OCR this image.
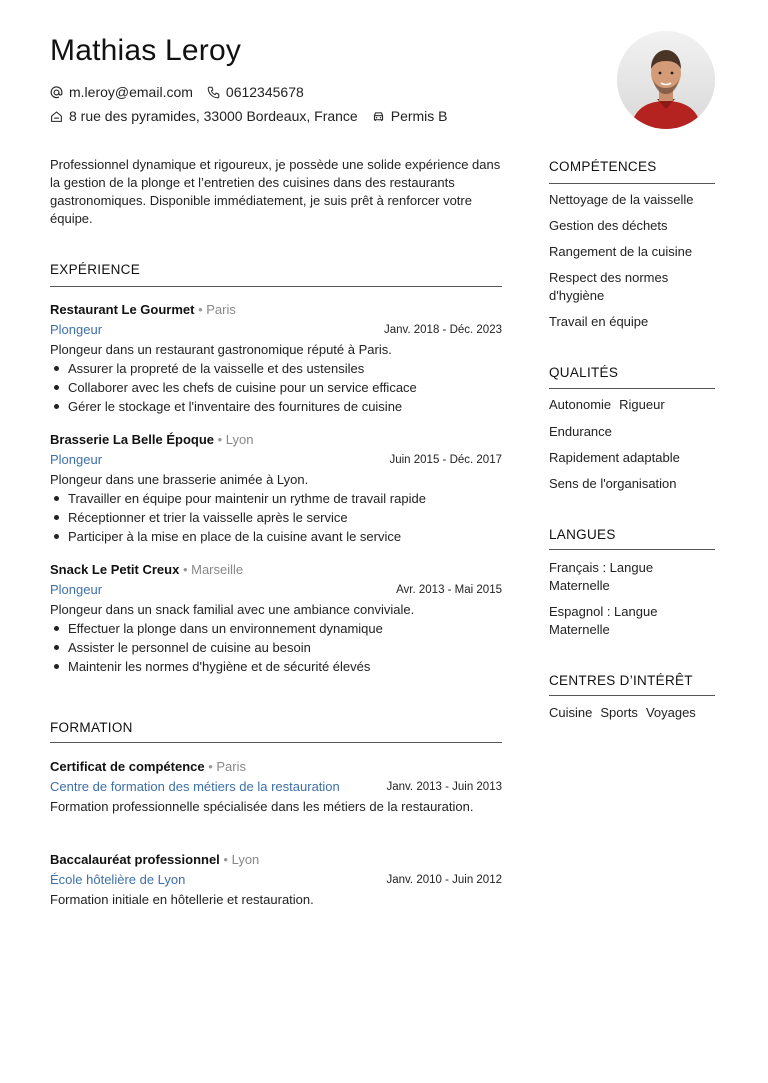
Mathias Leroy
m.leroy@email.com 0612345678
8 rue des pyramides, 33000 Bordeaux, France Permis B

Professionnel dynamique et rigoureux, je possède une solide expérience dans la gestion de la plonge et l’entretien des cuisines dans des restaurants gastronomiques. Disponible immédiatement, je suis prêt à renforcer votre équipe.

EXPÉRIENCE
Restaurant Le Gourmet • Paris
Plongeur	Janv. 2018 - Déc. 2023
Plongeur dans un restaurant gastronomique réputé à Paris.
Assurer la propreté de la vaisselle et des ustensiles
Collaborer avec les chefs de cuisine pour un service efficace
Gérer le stockage et l'inventaire des fournitures de cuisine
Brasserie La Belle Époque • Lyon
Plongeur	Juin 2015 - Déc. 2017
Plongeur dans une brasserie animée à Lyon.
Travailler en équipe pour maintenir un rythme de travail rapide
Réceptionner et trier la vaisselle après le service
Participer à la mise en place de la cuisine avant le service
Snack Le Petit Creux • Marseille
Plongeur	Avr. 2013 - Mai 2015
Plongeur dans un snack familial avec une ambiance conviviale.
Effectuer la plonge dans un environnement dynamique
Assister le personnel de cuisine au besoin
Maintenir les normes d'hygiène et de sécurité élevés
FORMATION
Certificat de compétence • Paris
Centre de formation des métiers de la restauration	Janv. 2013 - Juin 2013
Formation professionnelle spécialisée dans les métiers de la restauration.
Baccalauréat professionnel • Lyon
École hôtelière de Lyon	Janv. 2010 - Juin 2012
Formation initiale en hôtellerie et restauration.
COMPÉTENCES
Nettoyage de la vaisselle
Gestion des déchets
Rangement de la cuisine
Respect des normes d'hygiène
Travail en équipe
QUALITÉS
Autonomie Rigueur
Endurance
Rapidement adaptable
Sens de l'organisation
LANGUES
Français : Langue Maternelle
Espagnol : Langue Maternelle
CENTRES D’INTÉRÊT
Cuisine Sports Voyages
